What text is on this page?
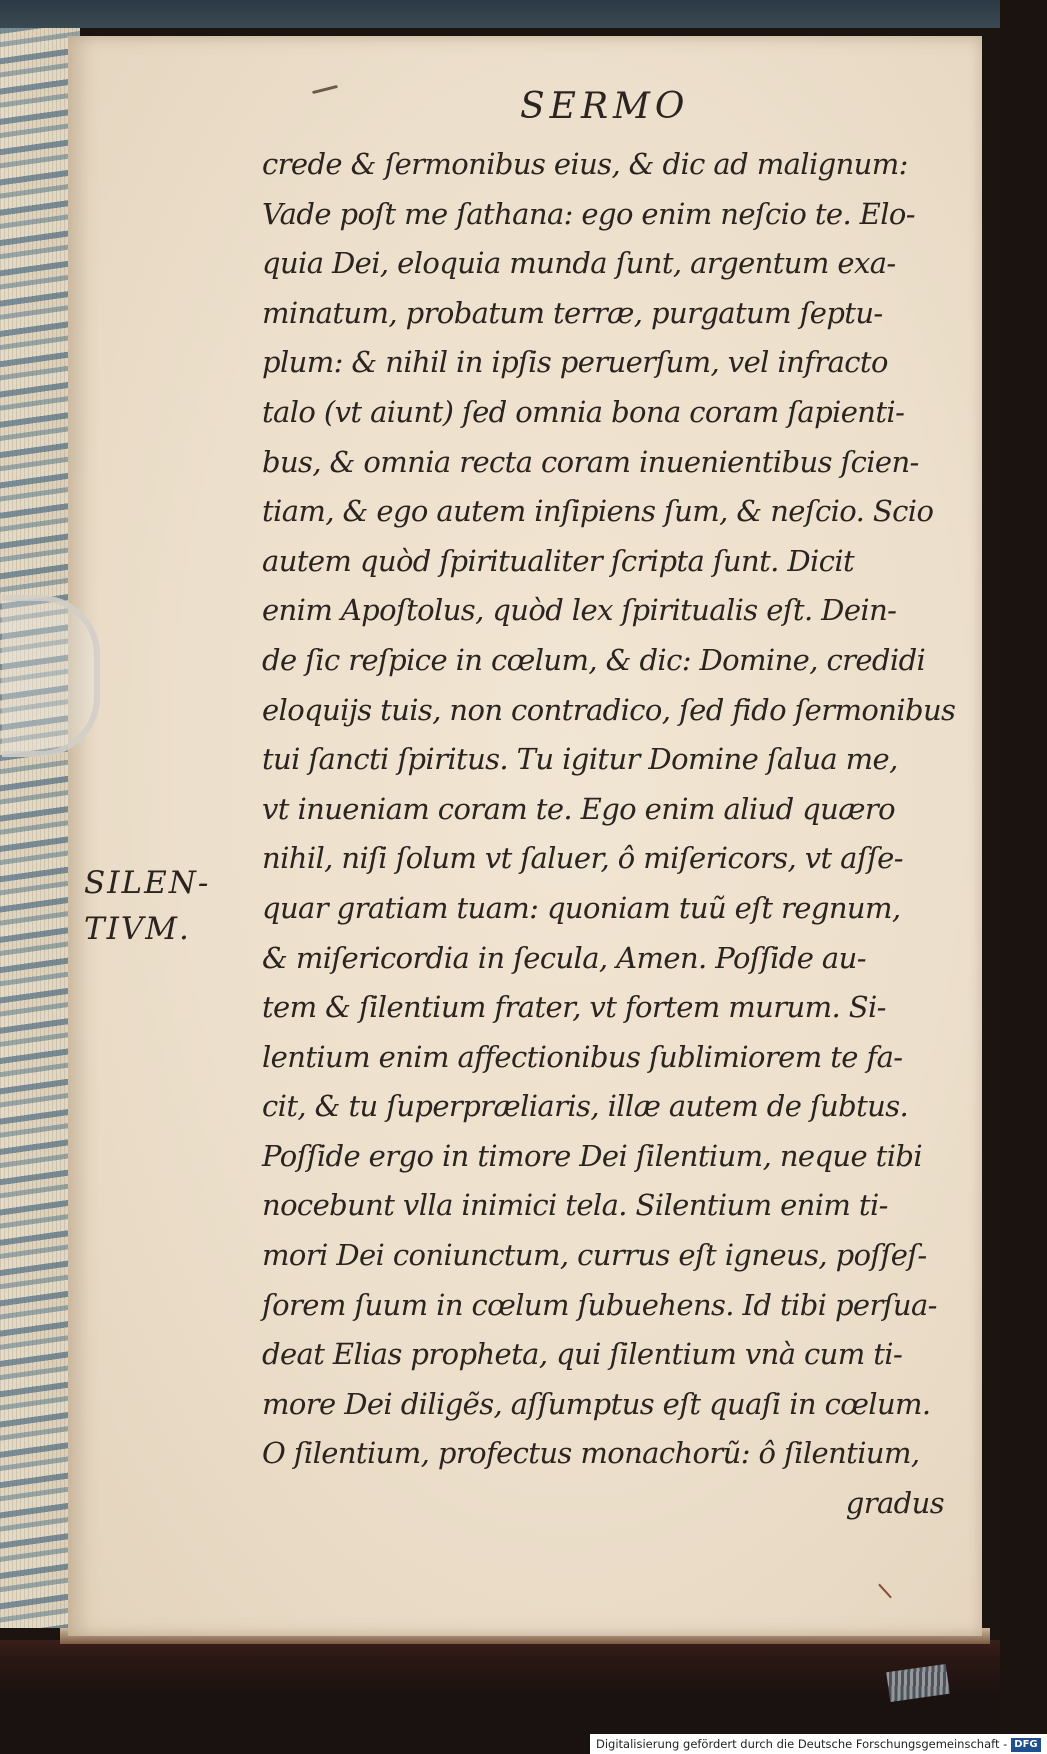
SERMO
crede & ſermonibus eius, & dic ad malignum:
Vade poſt me ſathana: ego enim neſcio te. Elo-
quia Dei, eloquia munda ſunt, argentum exa-
minatum, probatum terræ, purgatum ſeptu-
plum: & nihil in ipſis peruerſum, vel infracto
talo (vt aiunt) ſed omnia bona coram ſapienti-
bus, & omnia recta coram inuenientibus ſcien-
tiam, & ego autem inſipiens ſum, & neſcio. Scio
autem quòd ſpiritualiter ſcripta ſunt. Dicit
enim Apoſtolus, quòd lex ſpiritualis eſt. Dein-
de ſic reſpice in cœlum, & dic: Domine, credidi
eloquijs tuis, non contradico, ſed fido ſermonibus
tui ſancti ſpiritus. Tu igitur Domine ſalua me,
vt inueniam coram te. Ego enim aliud quæro
nihil, niſi ſolum vt ſaluer, ô miſericors, vt aſſe-
quar gratiam tuam: quoniam tuũ eſt regnum,
& miſericordia in ſecula, Amen. Poſſide au-
tem & ſilentium frater, vt fortem murum. Si-
lentium enim affectionibus ſublimiorem te fa-
cit, & tu ſuperpræliaris, illæ autem de ſubtus.
Poſſide ergo in timore Dei ſilentium, neque tibi
nocebunt vlla inimici tela. Silentium enim ti-
mori Dei coniunctum, currus eſt igneus, poſſeſ-
ſorem ſuum in cœlum ſubuehens. Id tibi perſua-
deat Elias propheta, qui ſilentium vnà cum ti-
more Dei diligẽs, aſſumptus eſt quaſi in cœlum.
O ſilentium, profectus monachorũ: ô ſilentium,
gradus
SILEN-
TIVM.
Digitalisierung gefördert durch die Deutsche Forschungsgemeinschaft - DFG
